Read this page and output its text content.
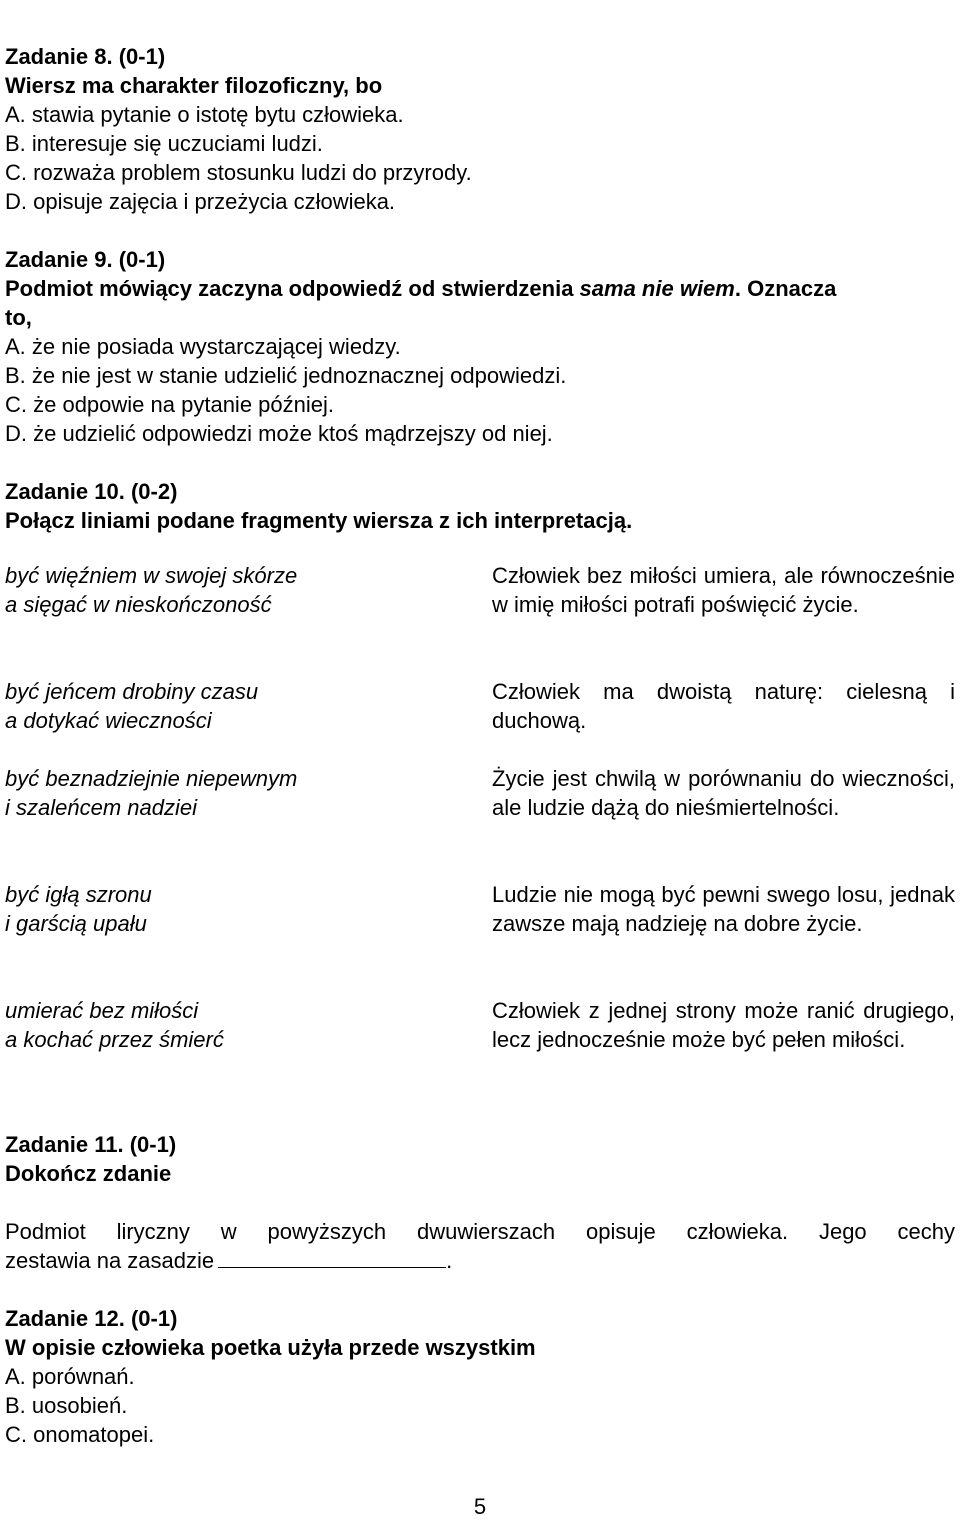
Zadanie 8. (0-1)

Wiersz ma charakter filozoficzny, bo

A. stawia pytanie o istotę bytu człowieka.

B. interesuje się uczuciami ludzi.

C. rozważa problem stosunku ludzi do przyrody.

D. opisuje zajęcia i przeżycia człowieka.

Zadanie 9. (0-1)

Podmiot mówiący zaczyna odpowiedź od stwierdzenia sama nie wiem. Oznacza

to,

A. że nie posiada wystarczającej wiedzy.

B. że nie jest w stanie udzielić jednoznacznej odpowiedzi.

C. że odpowie na pytanie później.

D. że udzielić odpowiedzi może ktoś mądrzejszy od niej.

Zadanie 10. (0-2)

Połącz liniami podane fragmenty wiersza z ich interpretacją.

być więźniem w swojej skórze

a sięgać w nieskończoność

być jeńcem drobiny czasu

a dotykać wieczności

być beznadziejnie niepewnym

i szaleńcem nadziei

być igłą szronu

i garścią upału

umierać bez miłości

a kochać przez śmierć

Człowiek bez miłości umiera, ale równocześnie w imię miłości potrafi poświęcić życie.

Człowiek ma dwoistą naturę: cielesną i duchową.

Życie jest chwilą w porównaniu do wieczności, ale ludzie dążą do nieśmiertelności.

Ludzie nie mogą być pewni swego losu, jednak zawsze mają nadzieję na dobre życie.

Człowiek z jednej strony może ranić drugiego, lecz jednocześnie może być pełen miłości.

Zadanie 11. (0-1)

Dokończ zdanie

Podmiot liryczny w powyższych dwuwierszach opisuje człowieka. Jego cechy

zestawia na zasadzie	.

Zadanie 12. (0-1)

W opisie człowieka poetka użyła przede wszystkim

A. porównań.

B. uosobień.

C. onomatopei.

5
